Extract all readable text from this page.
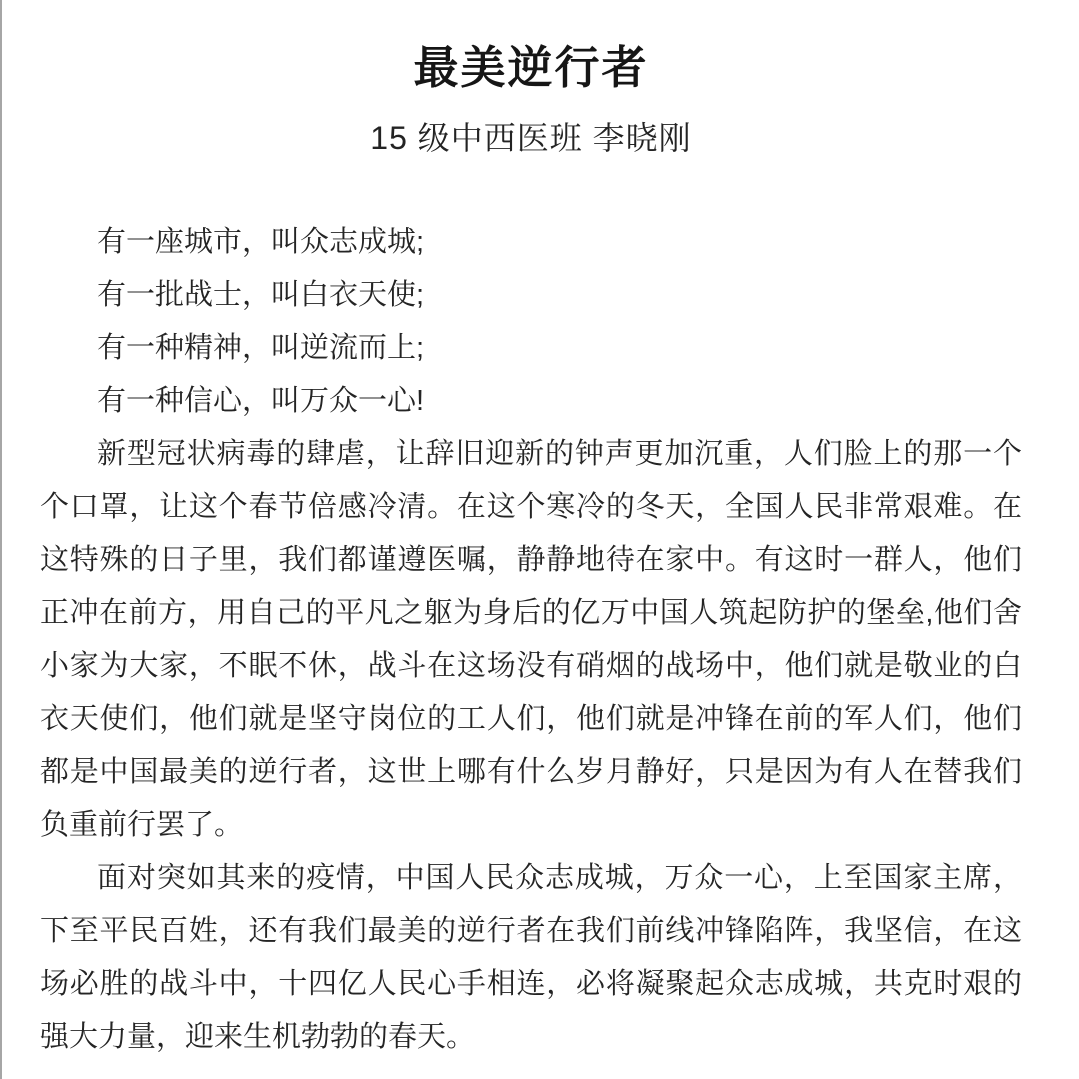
最美逆行者
15 级中西医班 李晓刚

有一座城市，叫众志成城;

有一批战士，叫白衣天使;

有一种精神，叫逆流而上;

有一种信心，叫万众一心!

新型冠状病毒的肆虐，让辞旧迎新的钟声更加沉重，人们脸上的那一个个口罩，让这个春节倍感冷清。在这个寒冷的冬天，全国人民非常艰难。在这特殊的日子里，我们都谨遵医嘱，静静地待在家中。有这时一群人，他们正冲在前方，用自己的平凡之躯为身后的亿万中国人筑起防护的堡垒,他们舍小家为大家，不眠不休，战斗在这场没有硝烟的战场中，他们就是敬业的白衣天使们，他们就是坚守岗位的工人们，他们就是冲锋在前的军人们，他们都是中国最美的逆行者，这世上哪有什么岁月静好，只是因为有人在替我们负重前行罢了。

面对突如其来的疫情，中国人民众志成城，万众一心，上至国家主席，下至平民百姓，还有我们最美的逆行者在我们前线冲锋陷阵，我坚信，在这场必胜的战斗中，十四亿人民心手相连，必将凝聚起众志成城，共克时艰的强大力量，迎来生机勃勃的春天。
